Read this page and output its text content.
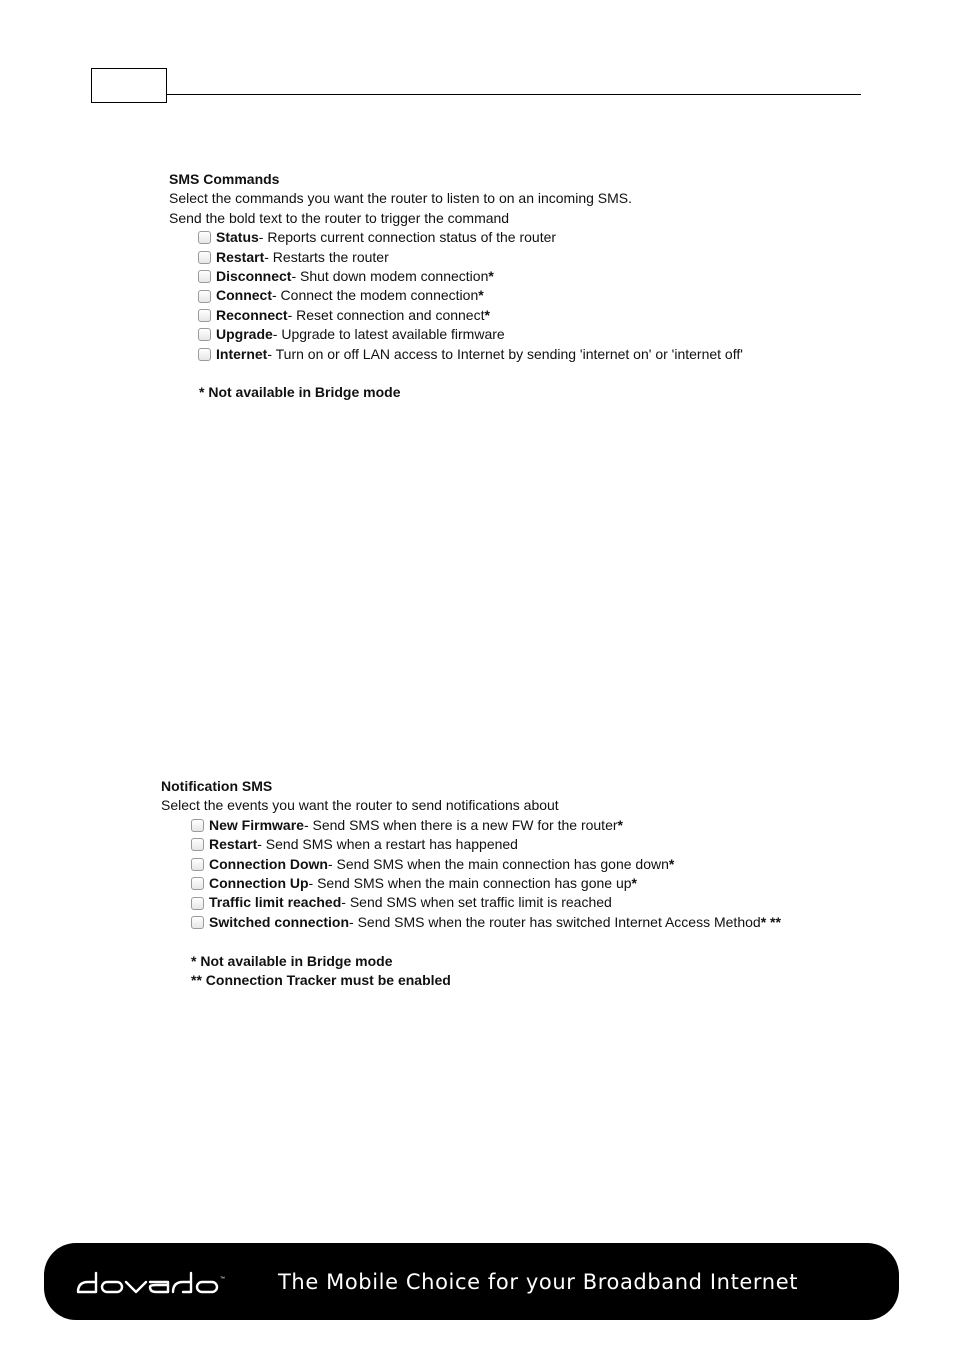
SMS Commands
Select the commands you want the router to listen to on an incoming SMS.
Send the bold text to the router to trigger the command
Status - Reports current connection status of the router
Restart - Restarts the router
Disconnect - Shut down modem connection *
Connect - Connect the modem connection *
Reconnect - Reset connection and connect *
Upgrade - Upgrade to latest available firmware
Internet - Turn on or off LAN access to Internet by sending 'internet on' or 'internet off'
* Not available in Bridge mode
Notification SMS
Select the events you want the router to send notifications about
New Firmware - Send SMS when there is a new FW for the router *
Restart - Send SMS when a restart has happened
Connection Down - Send SMS when the main connection has gone down *
Connection Up - Send SMS when the main connection has gone up *
Traffic limit reached - Send SMS when set traffic limit is reached
Switched connection - Send SMS when the router has switched Internet Access Method * **
* Not available in Bridge mode
** Connection Tracker must be enabled
™	The Mobile Choice for your Broadband Internet
